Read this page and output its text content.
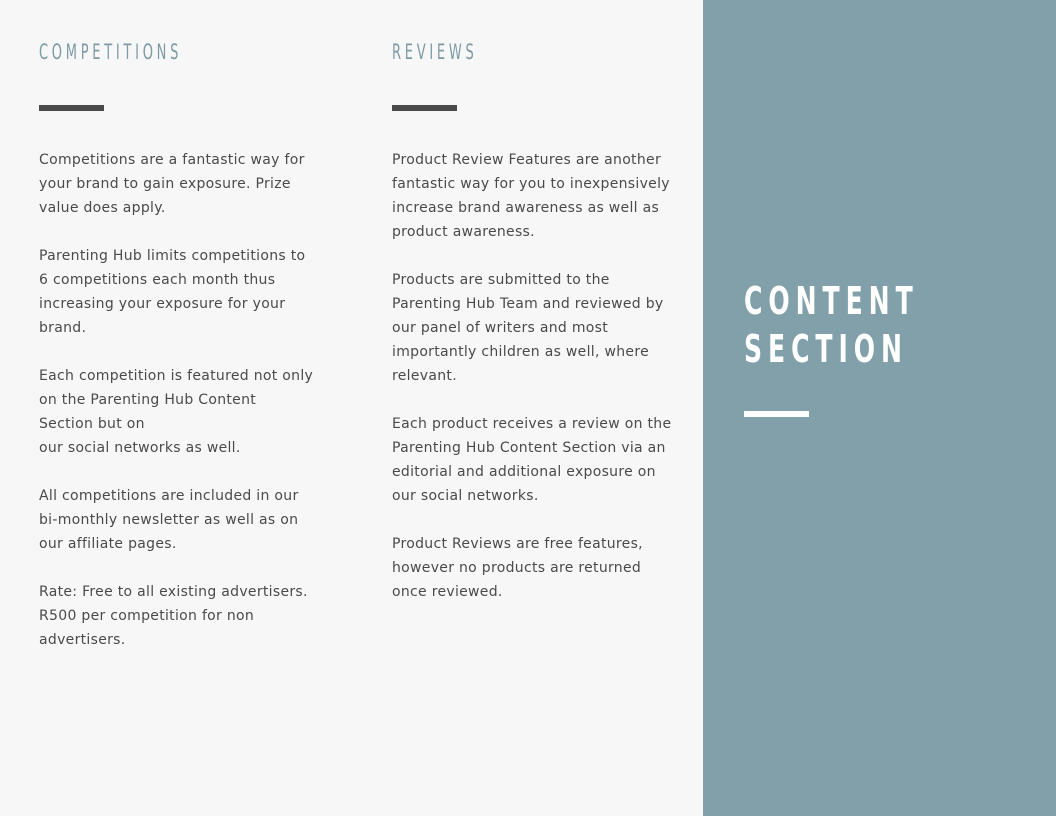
COMPETITIONS

Competitions are a fantastic way for
your brand to gain exposure. Prize
value does apply.

Parenting Hub limits competitions to
6 competitions each month thus
increasing your exposure for your
brand.

Each competition is featured not only
on the Parenting Hub Content
Section but on
our social networks as well.

All competitions are included in our
bi-monthly newsletter as well as on
our affiliate pages.

Rate: Free to all existing advertisers.
R500 per competition for non
advertisers.

REVIEWS

Product Review Features are another
fantastic way for you to inexpensively
increase brand awareness as well as
product awareness.

Products are submitted to the
Parenting Hub Team and reviewed by
our panel of writers and most
importantly children as well, where
relevant.

Each product receives a review on the
Parenting Hub Content Section via an
editorial and additional exposure on
our social networks.

Product Reviews are free features,
however no products are returned
once reviewed.

CONTENT
SECTION
